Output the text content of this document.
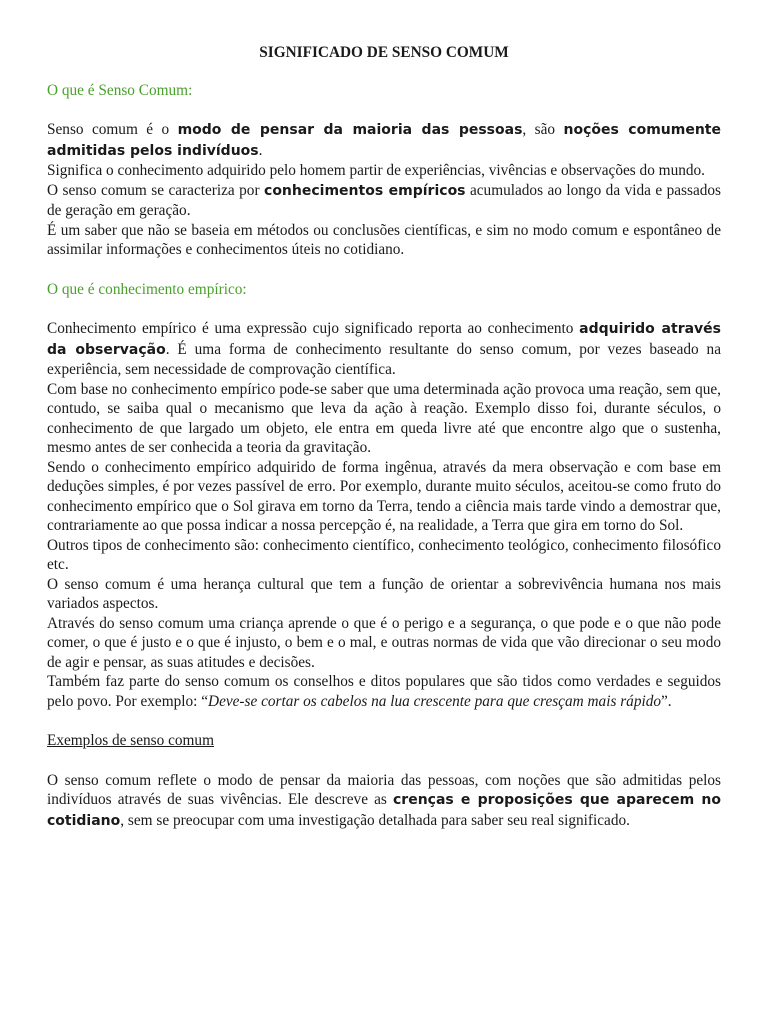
SIGNIFICADO DE SENSO COMUM
O que é Senso Comum:

Senso comum é o modo de pensar da maioria das pessoas, são noções comumente admitidas pelos indivíduos.

Significa o conhecimento adquirido pelo homem partir de experiências, vivências e observações do mundo.

O senso comum se caracteriza por conhecimentos empíricos acumulados ao longo da vida e passados de geração em geração.

É um saber que não se baseia em métodos ou conclusões científicas, e sim no modo comum e espontâneo de assimilar informações e conhecimentos úteis no cotidiano.

O que é conhecimento empírico:

Conhecimento empírico é uma expressão cujo significado reporta ao conhecimento adquirido através da observação. É uma forma de conhecimento resultante do senso comum, por vezes baseado na experiência, sem necessidade de comprovação científica.

Com base no conhecimento empírico pode-se saber que uma determinada ação provoca uma reação, sem que, contudo, se saiba qual o mecanismo que leva da ação à reação. Exemplo disso foi, durante séculos, o conhecimento de que largado um objeto, ele entra em queda livre até que encontre algo que o sustenha, mesmo antes de ser conhecida a teoria da gravitação.

Sendo o conhecimento empírico adquirido de forma ingênua, através da mera observação e com base em deduções simples, é por vezes passível de erro. Por exemplo, durante muito séculos, aceitou-se como fruto do conhecimento empírico que o Sol girava em torno da Terra, tendo a ciência mais tarde vindo a demostrar que, contrariamente ao que possa indicar a nossa percepção é, na realidade, a Terra que gira em torno do Sol.

Outros tipos de conhecimento são: conhecimento científico, conhecimento teológico, conhecimento filosófico etc.

O senso comum é uma herança cultural que tem a função de orientar a sobrevivência humana nos mais variados aspectos.

Através do senso comum uma criança aprende o que é o perigo e a segurança, o que pode e o que não pode comer, o que é justo e o que é injusto, o bem e o mal, e outras normas de vida que vão direcionar o seu modo de agir e pensar, as suas atitudes e decisões.

Também faz parte do senso comum os conselhos e ditos populares que são tidos como verdades e seguidos pelo povo. Por exemplo: “Deve-se cortar os cabelos na lua crescente para que cresçam mais rápido”.

Exemplos de senso comum

O senso comum reflete o modo de pensar da maioria das pessoas, com noções que são admitidas pelos indivíduos através de suas vivências. Ele descreve as crenças e proposições que aparecem no cotidiano, sem se preocupar com uma investigação detalhada para saber seu real significado.
